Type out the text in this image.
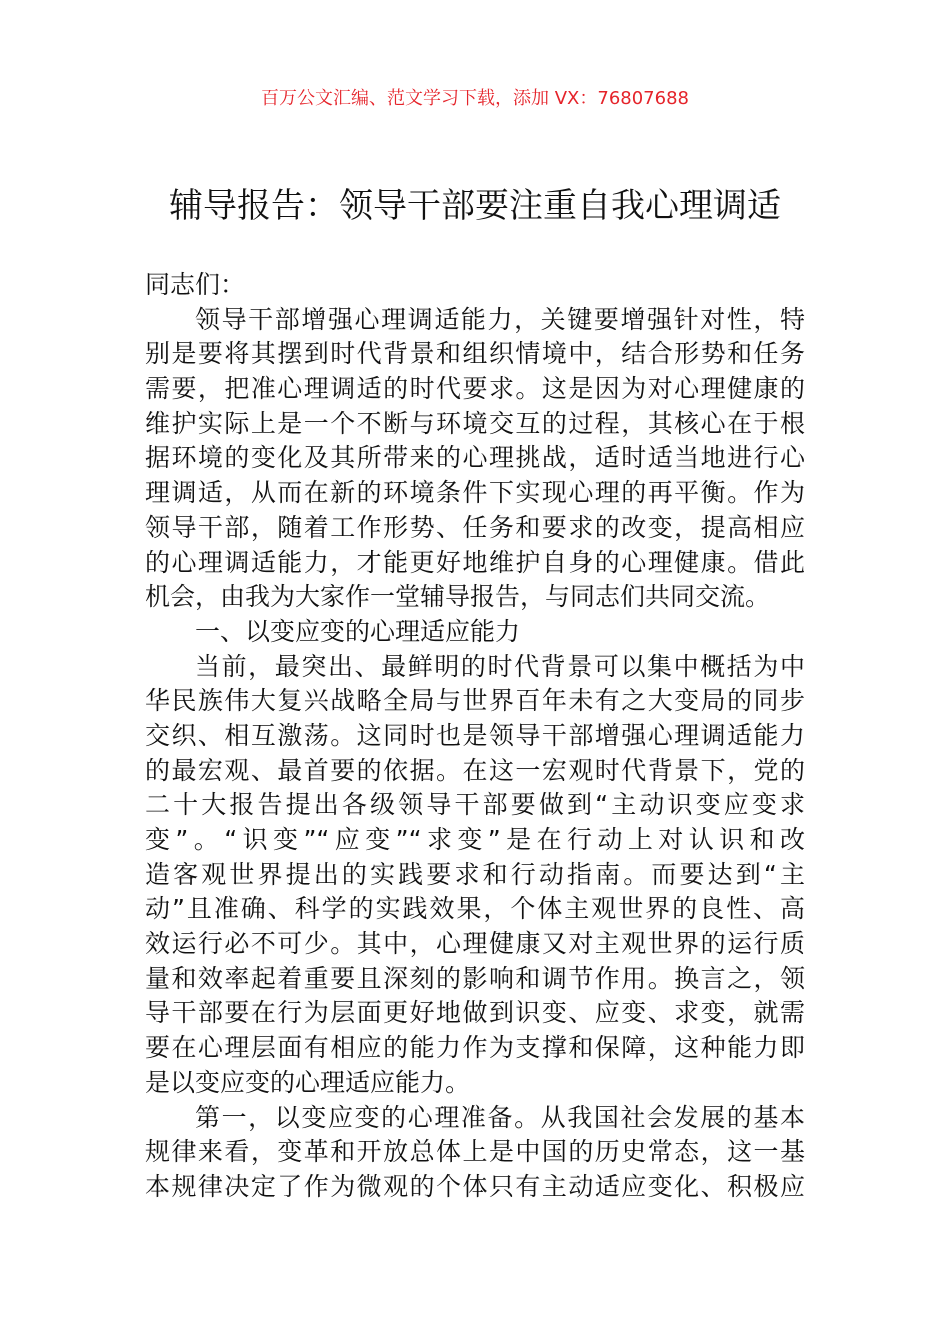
百万公文汇编、范文学习下载，添加 VX：76807688
辅导报告：领导干部要注重自我心理调适
同志们：
领导干部增强心理调适能力，关键要增强针对性，特
别是要将其摆到时代背景和组织情境中，结合形势和任务
需要，把准心理调适的时代要求。这是因为对心理健康的
维护实际上是一个不断与环境交互的过程，其核心在于根
据环境的变化及其所带来的心理挑战，适时适当地进行心
理调适，从而在新的环境条件下实现心理的再平衡。作为
领导干部，随着工作形势、任务和要求的改变，提高相应
的心理调适能力，才能更好地维护自身的心理健康。借此
机会，由我为大家作一堂辅导报告，与同志们共同交流。
一、以变应变的心理适应能力
当前，最突出、最鲜明的时代背景可以集中概括为中
华民族伟大复兴战略全局与世界百年未有之大变局的同步
交织、相互激荡。这同时也是领导干部增强心理调适能力
的最宏观、最首要的依据。在这一宏观时代背景下，党的
二十大报告提出各级领导干部要做到“主动识变应变求
变”。“识变”“应变”“求变”是在行动上对认识和改
造客观世界提出的实践要求和行动指南。而要达到“主
动”且准确、科学的实践效果，个体主观世界的良性、高
效运行必不可少。其中，心理健康又对主观世界的运行质
量和效率起着重要且深刻的影响和调节作用。换言之，领
导干部要在行为层面更好地做到识变、应变、求变，就需
要在心理层面有相应的能力作为支撑和保障，这种能力即
是以变应变的心理适应能力。
第一，以变应变的心理准备。从我国社会发展的基本
规律来看，变革和开放总体上是中国的历史常态，这一基
本规律决定了作为微观的个体只有主动适应变化、积极应
